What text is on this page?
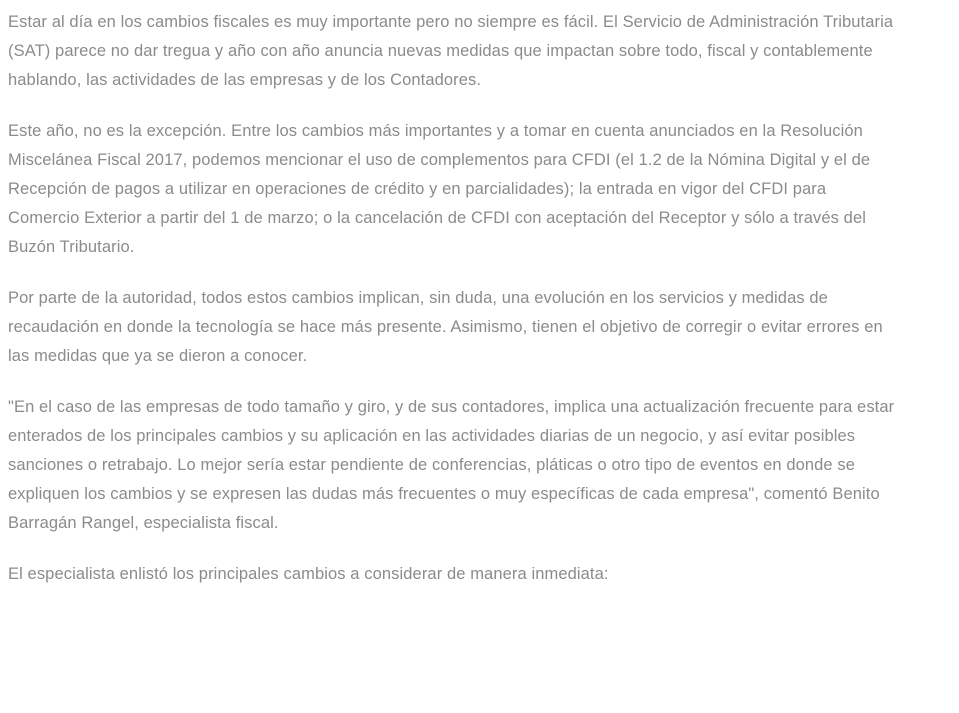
Estar al día en los cambios fiscales es muy importante pero no siempre es fácil. El Servicio de Administración Tributaria (SAT) parece no dar tregua y año con año anuncia nuevas medidas que impactan sobre todo, fiscal y contablemente hablando, las actividades de las empresas y de los Contadores.

Este año, no es la excepción. Entre los cambios más importantes y a tomar en cuenta anunciados en la Resolución Miscelánea Fiscal 2017, podemos mencionar el uso de complementos para CFDI (el 1.2 de la Nómina Digital y el de Recepción de pagos a utilizar en operaciones de crédito y en parcialidades); la entrada en vigor del CFDI para Comercio Exterior a partir del 1 de marzo; o la cancelación de CFDI con aceptación del Receptor y sólo a través del Buzón Tributario.

Por parte de la autoridad, todos estos cambios implican, sin duda, una evolución en los servicios y medidas de recaudación en donde la tecnología se hace más presente. Asimismo, tienen el objetivo de corregir o evitar errores en las medidas que ya se dieron a conocer.

"En el caso de las empresas de todo tamaño y giro, y de sus contadores, implica una actualización frecuente para estar enterados de los principales cambios y su aplicación en las actividades diarias de un negocio, y así evitar posibles sanciones o retrabajo. Lo mejor sería estar pendiente de conferencias, pláticas o otro tipo de eventos en donde se expliquen los cambios y se expresen las dudas más frecuentes o muy específicas de cada empresa", comentó Benito Barragán Rangel, especialista fiscal.

El especialista enlistó los principales cambios a considerar de manera inmediata:
